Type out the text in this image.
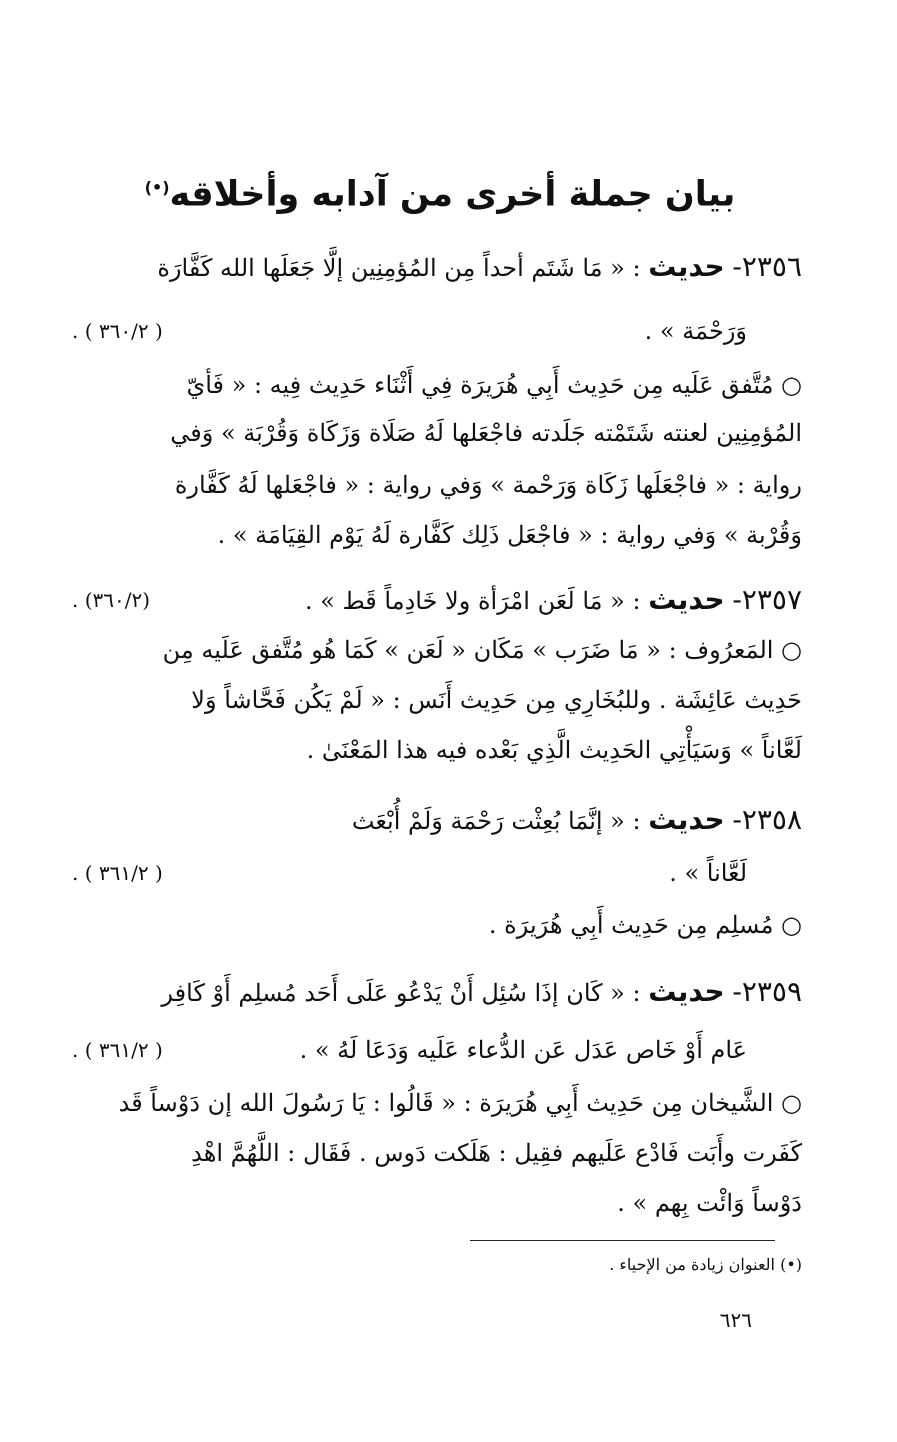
بيان جملة أخرى من آدابه وأخلاقه(•)
٢٣٥٦- حديث : « مَا شَتَم أحداً مِن المُؤمِنِين إلَّا جَعَلَها الله كَفَّارَة
وَرَحْمَة » .
( ٣٦٠/٢ ) .
○ مُتَّفق عَلَيه مِن حَدِيث أَبِي هُرَيرَة فِي أَثْنَاء حَدِيث فِيه : « فَأيّ
المُؤمِنِين لعنته شَتَمْته جَلَدته فاجْعَلها لَهُ صَلَاة وَزَكَاة وَقُرْبَة » وَفي
رواية : « فاجْعَلَها زَكَاة وَرَحْمة » وَفي رواية : « فاجْعَلها لَهُ كَفَّارة
وَقُرْبة » وَفي رواية : « فاجْعَل ذَلِك كَفَّارة لَهُ يَوْم القِيَامَة » .
٢٣٥٧- حديث : « مَا لَعَن امْرَأة ولا خَادِماً قَط » .
(٣٦٠/٢) .
○ المَعرُوف : « مَا ضَرَب » مَكَان « لَعَن » كَمَا هُو مُتَّفق عَلَيه مِن
حَدِيث عَائِشَة . وللبُخَارِي مِن حَدِيث أَنَس : « لَمْ يَكُن فَحَّاشاً وَلا
لَعَّاناً » وَسَيَأْتِي الحَدِيث الَّذِي بَعْده فيه هذا المَعْنَىٰ .
٢٣٥٨- حديث : « إنَّمَا بُعِثْت رَحْمَة وَلَمْ أُبْعَث
لَعَّاناً » .
( ٣٦١/٢ ) .
○ مُسلِم مِن حَدِيث أَبِي هُرَيرَة .
٢٣٥٩- حديث : « كَان إذَا سُئِل أَنْ يَدْعُو عَلَى أَحَد مُسلِم أَوْ كَافِر
عَام أَوْ خَاص عَدَل عَن الدُّعاء عَلَيه وَدَعَا لَهُ » .
( ٣٦١/٢ ) .
○ الشَّيخان مِن حَدِيث أَبِي هُرَيرَة : « قَالُوا : يَا رَسُولَ الله إن دَوْساً قَد
كَفَرت وأَبَت فَادْع عَلَيهم فقِيل : هَلَكت دَوس . فَقَال : اللَّهُمَّ اهْدِ
دَوْساً وَائْت بِهم » .
(•) العنوان زيادة من الإحياء .
٦٢٦
